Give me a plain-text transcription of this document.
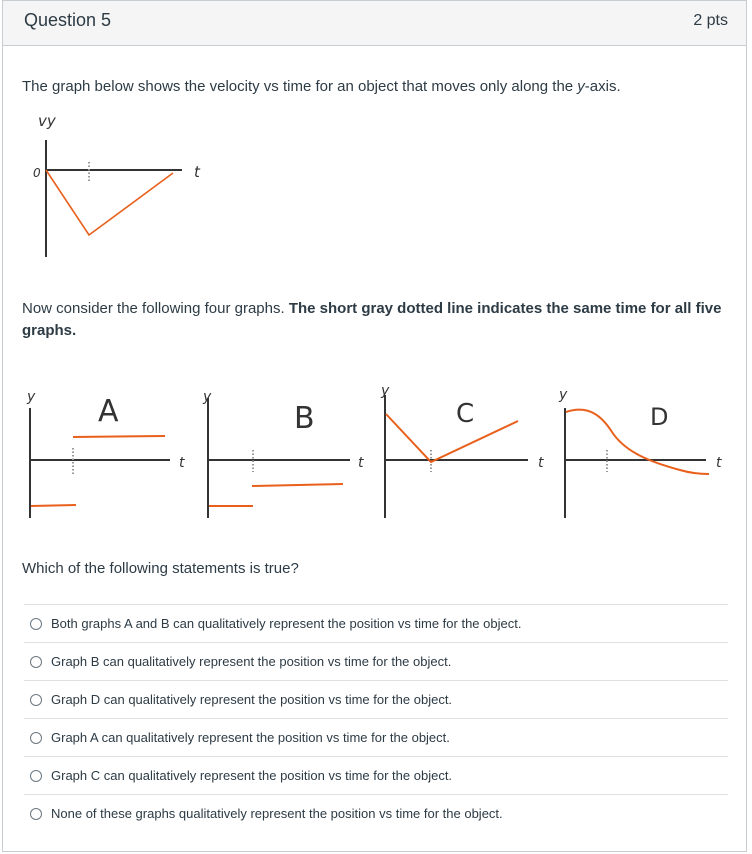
Question 5	2 pts
The graph below shows the velocity vs time for an object that moves only along the y-axis.
vy
0	t
Now consider the following four graphs. The short gray dotted line indicates the same time for all five graphs.
y A
t
y
B
t
y
C
t
y
D
t
Which of the following statements is true?
Both graphs A and B can qualitatively represent the position vs time for the object.
Graph B can qualitatively represent the position vs time for the object.
Graph D can qualitatively represent the position vs time for the object.
Graph A can qualitatively represent the position vs time for the object.
Graph C can qualitatively represent the position vs time for the object.
None of these graphs qualitatively represent the position vs time for the object.
